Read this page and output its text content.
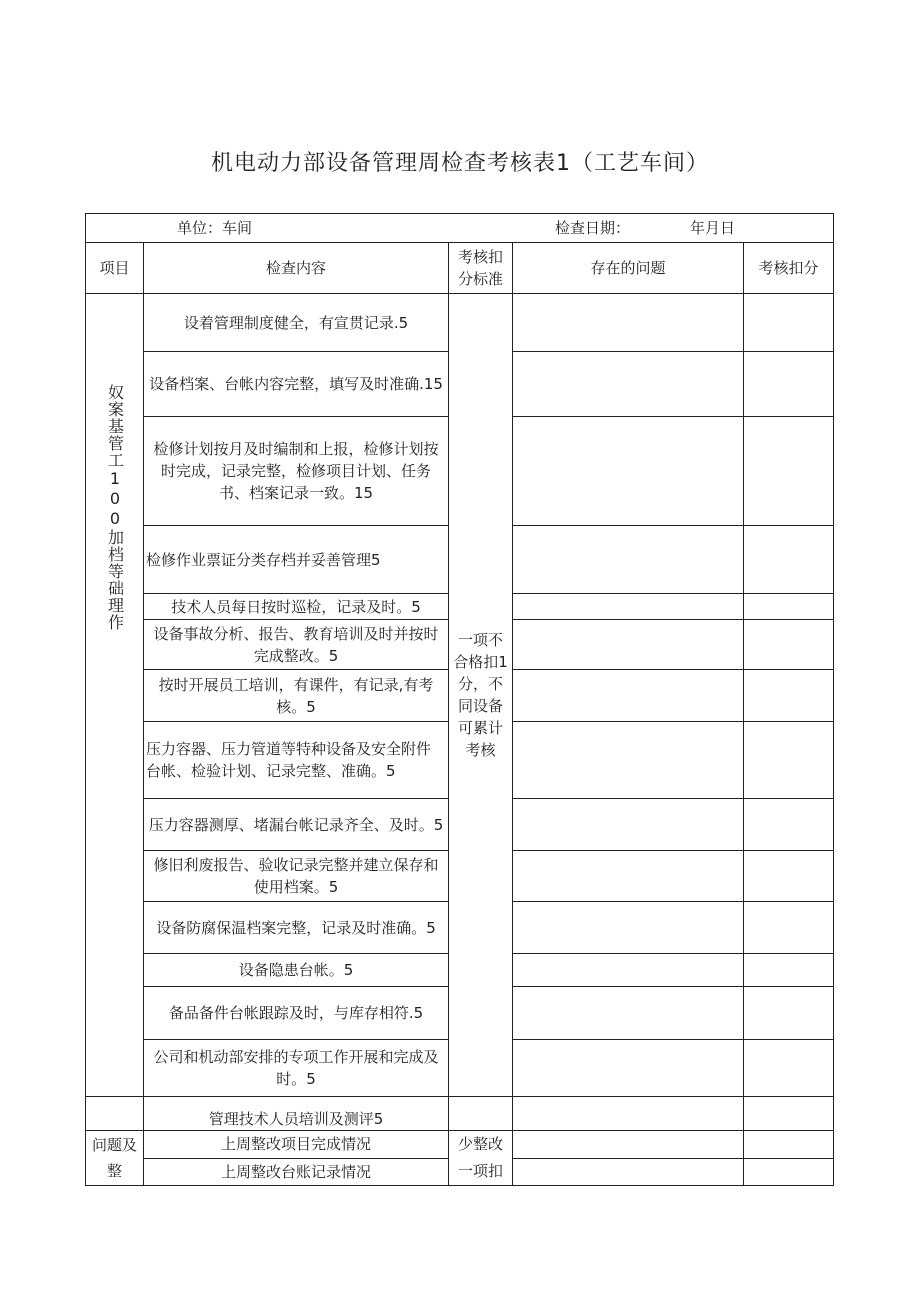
机电动力部设备管理周检查考核表1（工艺车间）
单位：车间 检查日期： 年月日				

项目	检查内容	考核扣分标准	存在的问题	考核扣分

奴案基管工100加档等础理作	设着管理制度健全，有宣贯记录.5	一项不合格扣1分，不同设备可累计考核		
	设备档案、台帐内容完整，填写及时准确.15			
	检修计划按月及时编制和上报，检修计划按时完成，记录完整，检修项目计划、任务书、档案记录一致。15			
	检修作业票证分类存档并妥善管理5			
	技术人员每日按时巡检，记录及时。5			
	设备事故分析、报告、教育培训及时并按时完成整改。5			
	按时开展员工培训，有课件，有记录,有考核。5			
	压力容器、压力管道等特种设备及安全附件台帐、检验计划、记录完整、准确。5			
	压力容器测厚、堵漏台帐记录齐全、及时。5			
	修旧利废报告、验收记录完整并建立保存和使用档案。5			
	设备防腐保温档案完整，记录及时准确。5			
	设备隐患台帐。5			
	备品备件台帐跟踪及时，与库存相符.5			
	公司和机动部安排的专项工作开展和完成及时。5			
	管理技术人员培训及测评5			
问题及整	上周整改项目完成情况	少整改一项扣		
	上周整改台账记录情况			
